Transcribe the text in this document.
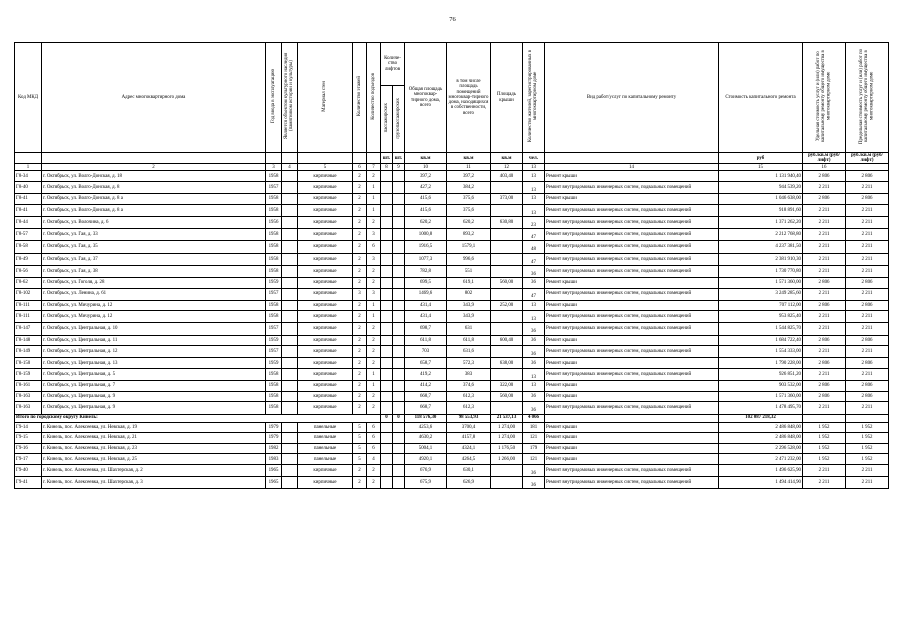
76
Код МКД	Адрес многоквартирного дома	Год ввода в эксплуатацию	Является объектом культурного наследия (памятником истории и культуры)	Материал стен	Количество этажей	Количество подъездов	Количе-ство лифтов		Общая площадь многоквар-тирного дома, всего	в том числе площадь помещений многоквар-тирного дома, находящихся в собственности, всего	Площадь крыши	Количество жителей, зарегистрированных в многоквартирном доме	Вид работ/услуг по капитальному ремонту	Стоимость капитального ремонта	Удельная стоимость услуг и (или) работ по капитальному ремонту общего имущества в многоквартирном доме	Предельная стоимость услуг и (или) работ по капитальному ремонту общего имущества в многоквартирном доме
							пассажирских	грузопассажирских								
							шт.	шт.	кв.м	кв.м	кв.м	чел.		руб	руб./кв.м (руб/лифт)	руб./кв.м (руб/лифт)
1	2	3	4	5	6	7	8	9	10	11	12	13	14	15	16	
Г8-34	г. Октябрьск, ул. Волго-Донская, д. 18	1958		кирпичные	2	2			397,2	397,2	403,40	13	Ремонт крыши	1 131 940,40	2 806	2 806
Г8-40	г. Октябрьск, ул. Волго-Донская, д. 8	1957		кирпичные	2	1			427,2	384,2		13	Ремонт внутридомовых инженерных систем, подвальных помещений	944 539,20	2 211	2 211
Г8-41	г. Октябрьск, ул. Волго-Донская, д. 8 а	1958		кирпичные	2	1			415,6	375,6	373,00	13	Ремонт крыши	1 046 638,00	2 806	2 806
Г8-41	г. Октябрьск, ул. Волго-Донская, д. 8 а	1958		кирпичные	2	1			415,6	375,6		13	Ремонт внутридомовых инженерных систем, подвальных помещений	918 891,60	2 211	2 211
Г8-44	г. Октябрьск, ул. Волочина, д. 6	1956		кирпичные	2	2			620,2	620,2	630,80	23	Ремонт внутридомовых инженерных систем, подвальных помещений	1 371 262,20	2 211	2 211
Г8-57	г. Октябрьск, ул. Гая, д. 33	1958		кирпичные	2	3			1000,8	893,2		47	Ремонт внутридомовых инженерных систем, подвальных помещений	2 212 768,80	2 211	2 211
Г8-58	г. Октябрьск, ул. Гая, д. 35	1958		кирпичные	2	6			1916,5	1579,1		48	Ремонт внутридомовых инженерных систем, подвальных помещений	4 237 381,50	2 211	2 211
Г8-49	г. Октябрьск, ул. Гая, д. 37	1958		кирпичные	2	3			1077,3	996,6		47	Ремонт внутридомовых инженерных систем, подвальных помещений	2 381 910,30	2 211	2 211
Г8-56	г. Октябрьск, ул. Гая, д. 38	1958		кирпичные	2	2			782,8	551		36	Ремонт внутридомовых инженерных систем, подвальных помещений	1 730 770,80	2 211	2 211
Г8-62	г. Октябрьск, ул. Гоголя, д. 28	1959		кирпичные	2	2			699,5	619,1	560,00	36	Ремонт крыши	1 571 360,00	2 806	2 806
Г8-102	г. Октябрьск, ул. Ленина, д. 61	1957		кирпичные	3	3			1469,6	802		47	Ремонт внутридомовых инженерных систем, подвальных помещений	3 249 285,60	2 211	2 211
Г8-111	г. Октябрьск, ул. Мичурина, д. 12	1958		кирпичные	2	1			431,4	343,9	252,00	13	Ремонт крыши	707 112,00	2 806	2 806
Г8-111	г. Октябрьск, ул. Мичурина, д. 12	1958		кирпичные	2	1			431,4	343,9		13	Ремонт внутридомовых инженерных систем, подвальных помещений	953 825,40	2 211	2 211
Г8-147	г. Октябрьск, ул. Центральная, д. 10	1957		кирпичные	2	2			698,7	631		36	Ремонт внутридомовых инженерных систем, подвальных помещений	1 544 825,70	2 211	2 211
Г8-148	г. Октябрьск, ул. Центральная, д. 11	1959		кирпичные	2	2			611,8	611,8	600,40	36	Ремонт крыши	1 684 722,40	2 806	2 806
Г8-149	г. Октябрьск, ул. Центральная, д. 12	1957		кирпичные	2	2			703	631,6		36	Ремонт внутридомовых инженерных систем, подвальных помещений	1 554 333,00	2 211	2 211
Г8-150	г. Октябрьск, ул. Центральная, д. 13	1959		кирпичные	2	2			658,7	572,3	638,00	36	Ремонт крыши	1 790 228,00	2 806	2 806
Г8-159	г. Октябрьск, ул. Центральная, д. 5	1958		кирпичные	2	1			419,2	383		13	Ремонт внутридомовых инженерных систем, подвальных помещений	926 851,20	2 211	2 211
Г8-161	г. Октябрьск, ул. Центральная, д. 7	1958		кирпичные	2	1			414,2	374,6	322,00	13	Ремонт крыши	903 532,00	2 806	2 806
Г8-163	г. Октябрьск, ул. Центральная, д. 9	1958		кирпичные	2	2			668,7	612,3	560,00	36	Ремонт крыши	1 571 360,00	2 806	2 806
Г8-163	г. Октябрьск, ул. Центральная, д. 9	1958		кирпичные	2	2			668,7	612,3		36	Ремонт внутридомовых инженерных систем, подвальных помещений	1 478 495,70	2 211	2 211
Итого по городскому округу Кинель:							0	0	118 576,30	98 553,93	21 537,13	4 066		102 087 218,32		
Г9-14	г. Кинель, пос. Алексеевка, ул. Невская, д. 19	1979		панельные	5	6			4253,6	3700,4	1 274,00	181	Ремонт крыши	2 486 848,00	1 952	1 952
Г9-15	г. Кинель, пос. Алексеевка, ул. Невская, д. 21	1979		панельные	5	6			4630,2	4157,8	1 274,00	121	Ремонт крыши	2 486 848,00	1 952	1 952
Г9-16	г. Кинель, пос. Алексеевка, ул. Невская, д. 23	1982		панельные	5	6			5004,1	4324,1	1 176,50	179	Ремонт крыши	2 296 528,00	1 952	1 952
Г9-17	г. Кинель, пос. Алексеевка, ул. Невская, д. 25	1983		панельные	5	4			4920,1	4264,5	1 266,00	121	Ремонт крыши	2 471 232,00	1 952	1 952
Г9-40	г. Кинель, пос. Алексеевка, ул. Шахтерская, д. 2	1965		кирпичные	2	2			676,9	630,1		36	Ремонт внутридомовых инженерных систем, подвальных помещений	1 496 625,90	2 211	2 211
Г9-41	г. Кинель, пос. Алексеевка, ул. Шахтерская, д. 3	1965		кирпичные	2	2			675,9	626,9		36	Ремонт внутридомовых инженерных систем, подвальных помещений	1 494 414,90	2 211	2 211
